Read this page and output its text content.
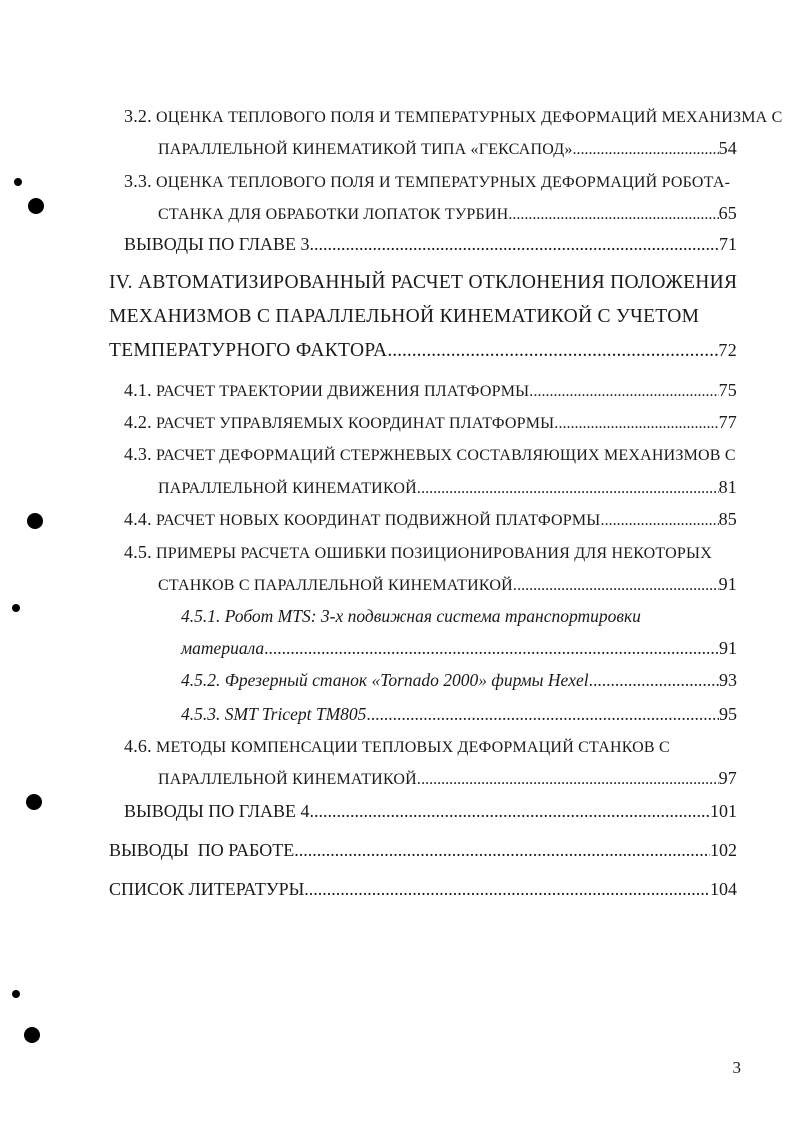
3.2. ОЦЕНКА ТЕПЛОВОГО ПОЛЯ И ТЕМПЕРАТУРНЫХ ДЕФОРМАЦИЙ МЕХАНИЗМА С
ПАРАЛЛЕЛЬНОЙ КИНЕМАТИКОЙ ТИПА «ГЕКСАПОД» .....	54
3.3. ОЦЕНКА ТЕПЛОВОГО ПОЛЯ И ТЕМПЕРАТУРНЫХ ДЕФОРМАЦИЙ РОБОТА-
СТАНКА ДЛЯ ОБРАБОТКИ ЛОПАТОК ТУРБИН .....	65
ВЫВОДЫ ПО ГЛАВЕ 3 .....	71
IV. АВТОМАТИЗИРОВАННЫЙ РАСЧЕТ ОТКЛОНЕНИЯ ПОЛОЖЕНИЯ
МЕХАНИЗМОВ С ПАРАЛЛЕЛЬНОЙ КИНЕМАТИКОЙ С УЧЕТОМ
ТЕМПЕРАТУРНОГО ФАКТОРА .....	72
4.1. РАСЧЕТ ТРАЕКТОРИИ ДВИЖЕНИЯ ПЛАТФОРМЫ. .....	75
4.2. РАСЧЕТ УПРАВЛЯЕМЫХ КООРДИНАТ ПЛАТФОРМЫ. .....	77
4.3. РАСЧЕТ ДЕФОРМАЦИЙ СТЕРЖНЕВЫХ СОСТАВЛЯЮЩИХ МЕХАНИЗМОВ С
ПАРАЛЛЕЛЬНОЙ КИНЕМАТИКОЙ. .....	81
4.4. РАСЧЕТ НОВЫХ КООРДИНАТ ПОДВИЖНОЙ ПЛАТФОРМЫ. .....	85
4.5. ПРИМЕРЫ РАСЧЕТА ОШИБКИ ПОЗИЦИОНИРОВАНИЯ ДЛЯ НЕКОТОРЫХ
СТАНКОВ С ПАРАЛЛЕЛЬНОЙ КИНЕМАТИКОЙ. .....	91
4.5.1. Робот MTS: 3-х подвижная система транспортировки
материала .....	91
4.5.2. Фрезерный станок «Tornado 2000» фирмы Hexel .....	93
4.5.3. SMT Tricept TM805 .....	95
4.6. МЕТОДЫ КОМПЕНСАЦИИ ТЕПЛОВЫХ ДЕФОРМАЦИЙ СТАНКОВ С
ПАРАЛЛЕЛЬНОЙ КИНЕМАТИКОЙ. .....	97
ВЫВОДЫ ПО ГЛАВЕ 4 .....	101
ВЫВОДЫ  ПО РАБОТЕ .....	102
СПИСОК ЛИТЕРАТУРЫ. .....	104
3
